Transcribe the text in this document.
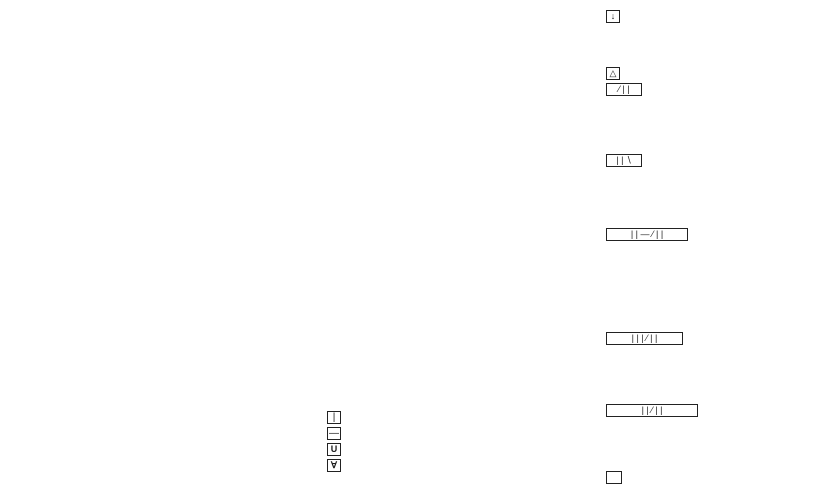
|
—
U
∀
↓
△
⁄ | |
| | ∖
| | — ⁄ | |
| | | ⁄ | |
| | ⁄ | |
